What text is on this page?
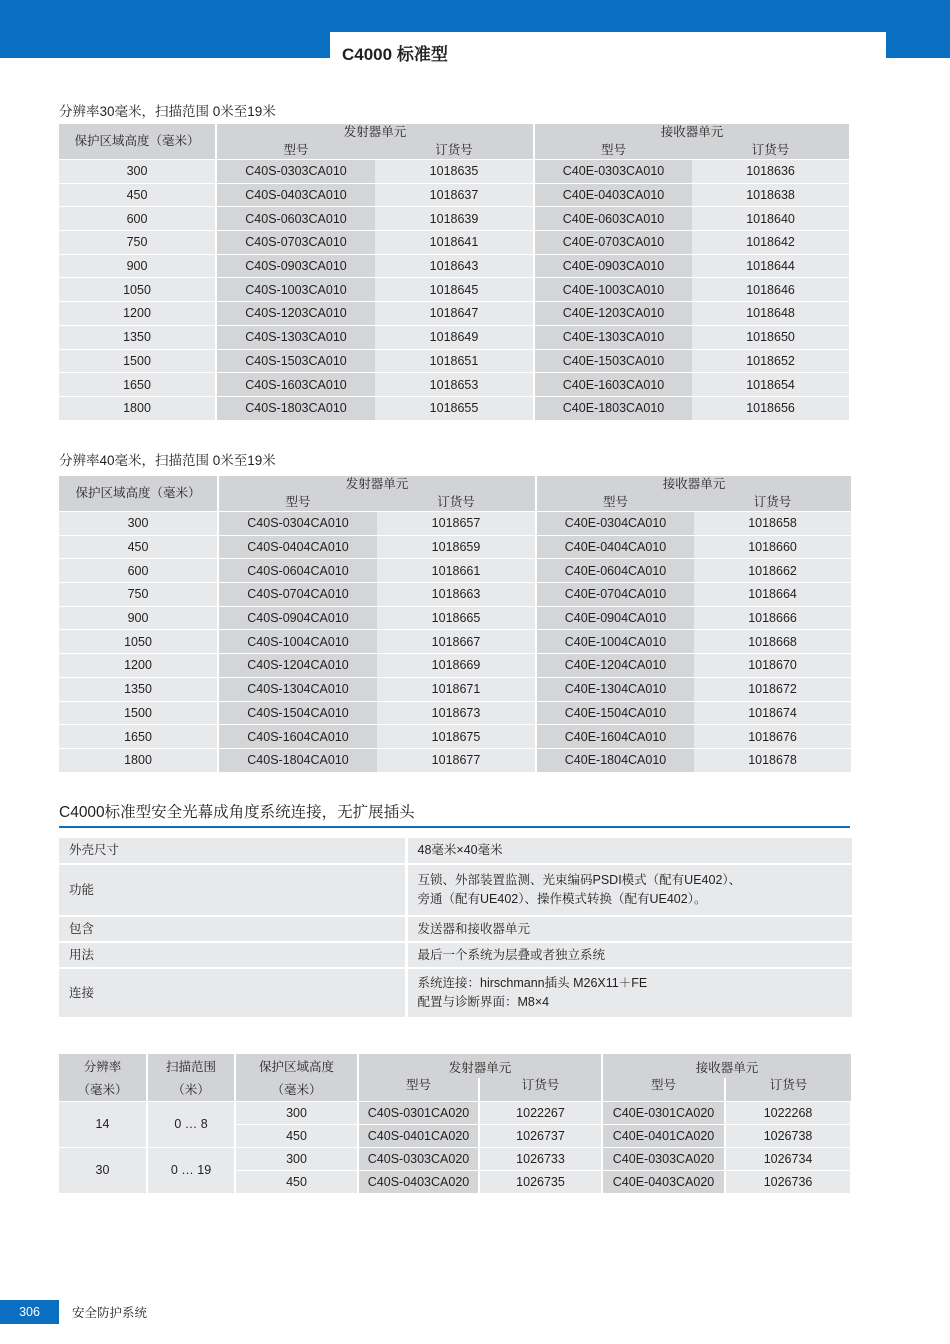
C4000 标准型
分辨率30毫米，扫描范围 0米至19米
保护区域高度（毫米）	发射器单元		接收器单元	
	型号	订货号	型号	订货号
300	C40S-0303CA010	1018635	C40E-0303CA010	1018636
450	C40S-0403CA010	1018637	C40E-0403CA010	1018638
600	C40S-0603CA010	1018639	C40E-0603CA010	1018640
750	C40S-0703CA010	1018641	C40E-0703CA010	1018642
900	C40S-0903CA010	1018643	C40E-0903CA010	1018644
1050	C40S-1003CA010	1018645	C40E-1003CA010	1018646
1200	C40S-1203CA010	1018647	C40E-1203CA010	1018648
1350	C40S-1303CA010	1018649	C40E-1303CA010	1018650
1500	C40S-1503CA010	1018651	C40E-1503CA010	1018652
1650	C40S-1603CA010	1018653	C40E-1603CA010	1018654
1800	C40S-1803CA010	1018655	C40E-1803CA010	1018656
分辨率40毫米，扫描范围 0米至19米
保护区域高度（毫米）	发射器单元		接收器单元	
	型号	订货号	型号	订货号
300	C40S-0304CA010	1018657	C40E-0304CA010	1018658
450	C40S-0404CA010	1018659	C40E-0404CA010	1018660
600	C40S-0604CA010	1018661	C40E-0604CA010	1018662
750	C40S-0704CA010	1018663	C40E-0704CA010	1018664
900	C40S-0904CA010	1018665	C40E-0904CA010	1018666
1050	C40S-1004CA010	1018667	C40E-1004CA010	1018668
1200	C40S-1204CA010	1018669	C40E-1204CA010	1018670
1350	C40S-1304CA010	1018671	C40E-1304CA010	1018672
1500	C40S-1504CA010	1018673	C40E-1504CA010	1018674
1650	C40S-1604CA010	1018675	C40E-1604CA010	1018676
1800	C40S-1804CA010	1018677	C40E-1804CA010	1018678
C4000标准型安全光幕成角度系统连接，无扩展插头
外壳尺寸	48毫米×40毫米

功能	互锁、外部装置监测、光束编码PSDI模式（配有UE402）、
旁通（配有UE402）、操作模式转换（配有UE402）。

包含	发送器和接收器单元

用法	最后一个系统为层叠或者独立系统

连接	系统连接：hirschmann插头 M26X11＋FE
配置与诊断界面：M8×4
分辨率	扫描范围	保护区域高度	发射器单元		接收器单元	
（毫米）	（米）	（毫米）	型号	订货号	型号	订货号
14	0 … 8	300	C40S-0301CA020	1022267	C40E-0301CA020	1022268
		450	C40S-0401CA020	1026737	C40E-0401CA020	1026738
30	0 … 19	300	C40S-0303CA020	1026733	C40E-0303CA020	1026734
		450	C40S-0403CA020	1026735	C40E-0403CA020	1026736
306	安全防护系统
